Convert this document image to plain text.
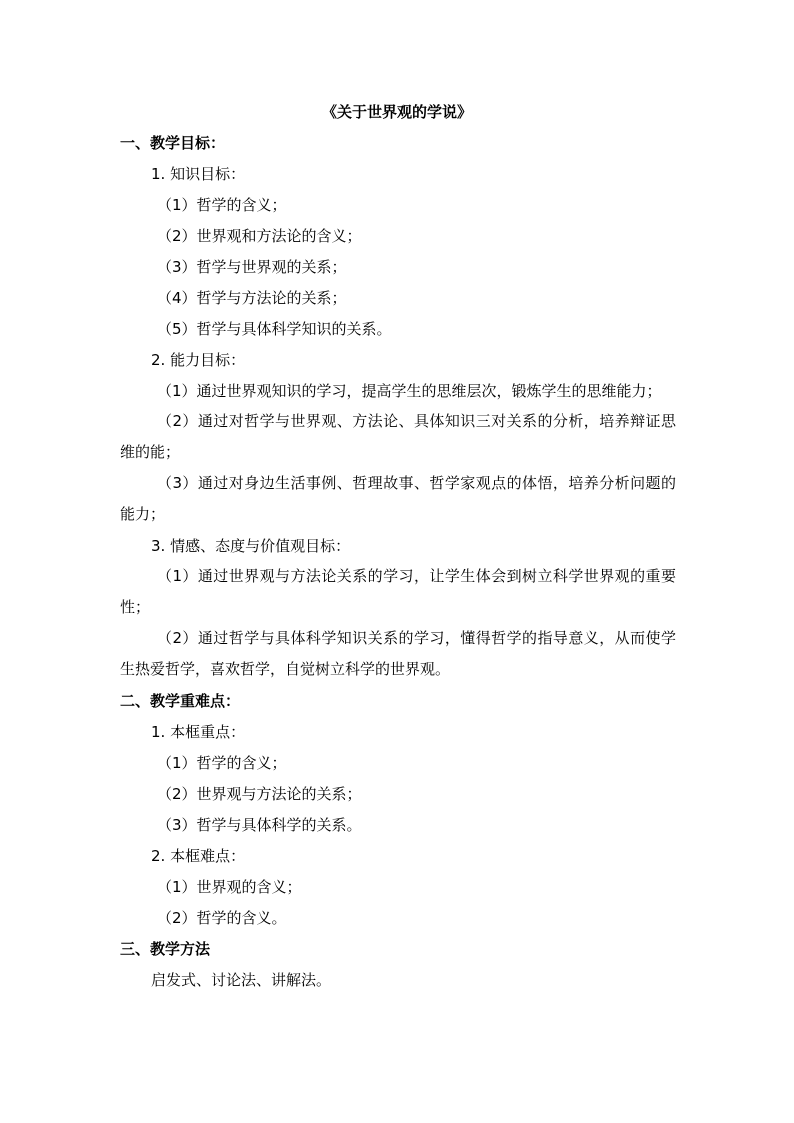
《关于世界观的学说》
一、教学目标：
1. 知识目标：
（1）哲学的含义；
（2）世界观和方法论的含义；
（3）哲学与世界观的关系；
（4）哲学与方法论的关系；
（5）哲学与具体科学知识的关系。
2. 能力目标：
（1）通过世界观知识的学习，提高学生的思维层次，锻炼学生的思维能力；
（2）通过对哲学与世界观、方法论、具体知识三对关系的分析，培养辩证思维的能；
（3）通过对身边生活事例、哲理故事、哲学家观点的体悟，培养分析问题的能力；
3. 情感、态度与价值观目标：
（1）通过世界观与方法论关系的学习，让学生体会到树立科学世界观的重要性；
（2）通过哲学与具体科学知识关系的学习，懂得哲学的指导意义，从而使学生热爱哲学，喜欢哲学，自觉树立科学的世界观。
二、教学重难点：
1. 本框重点：
（1）哲学的含义；
（2）世界观与方法论的关系；
（3）哲学与具体科学的关系。
2. 本框难点：
（1）世界观的含义；
（2）哲学的含义。
三、教学方法
启发式、讨论法、讲解法。
